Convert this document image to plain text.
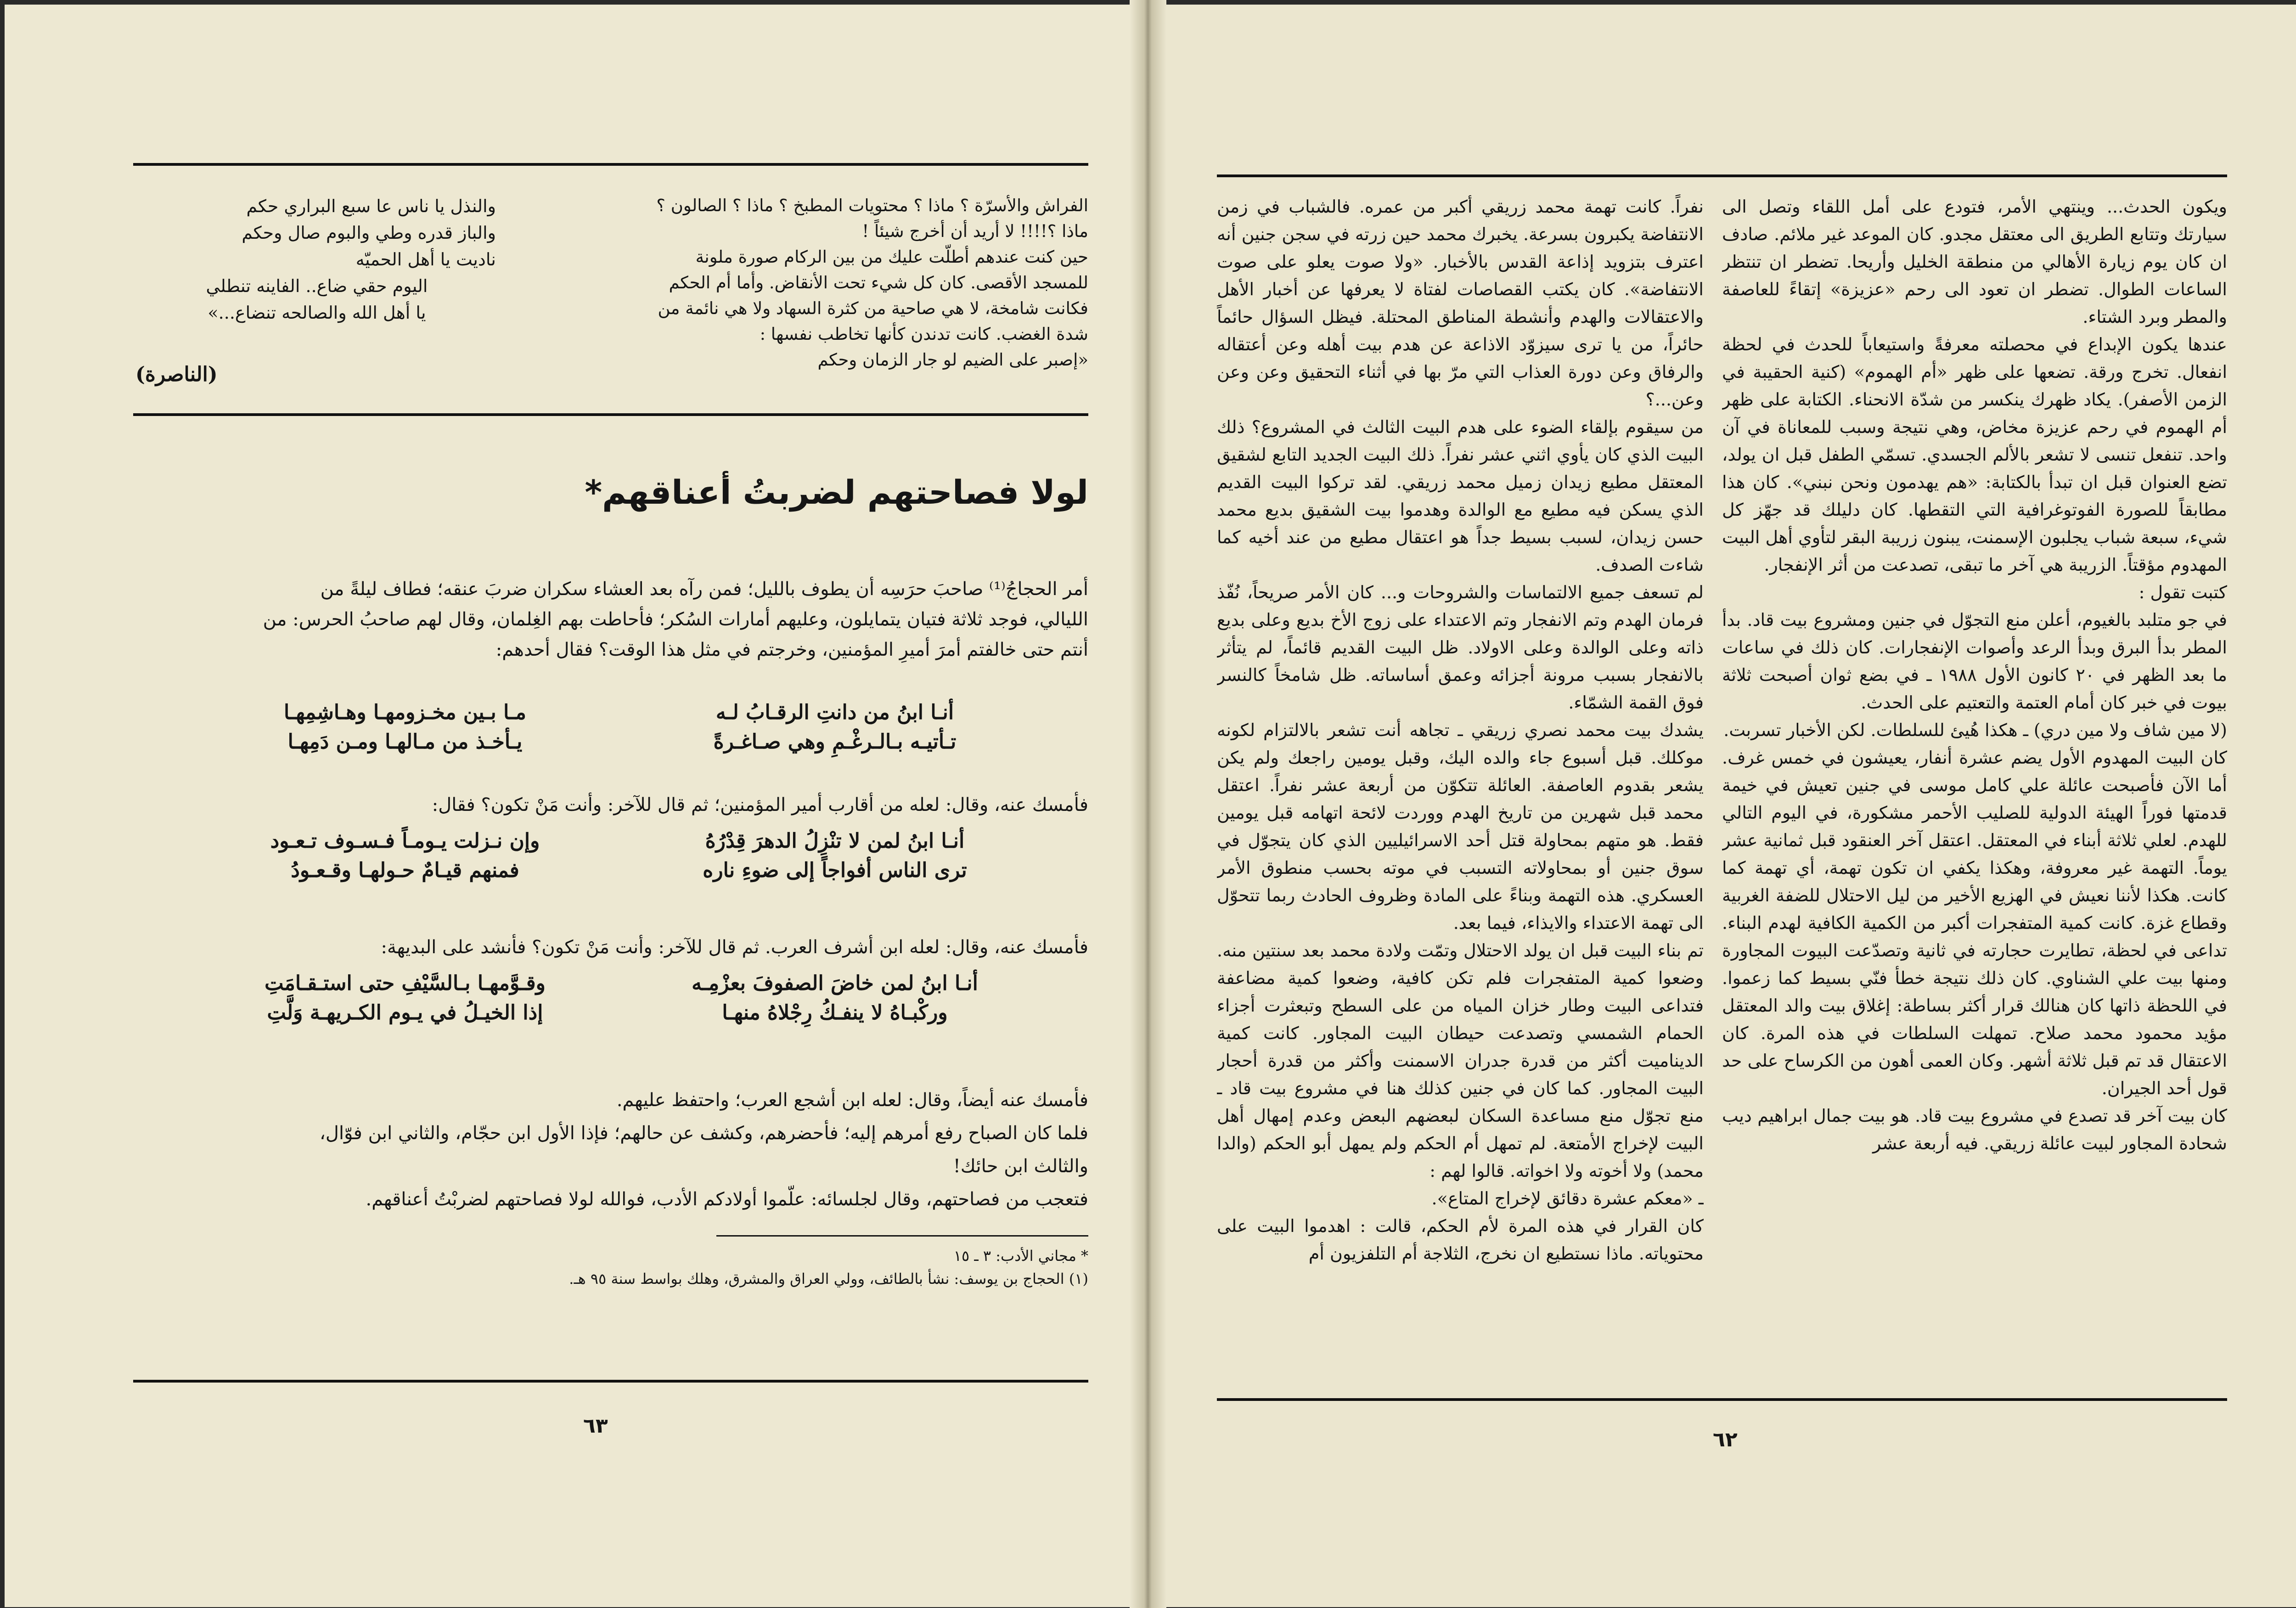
والنذل يا ناس عا سبع البراري حكم
والباز قدره وطي والبوم صال وحكم
ناديت يا أهل الحميّه
اليوم حقي ضاع.. الفاينه تنطلي
يا أهل الله والصالحه تنضاع...»
(الناصرة)
الفراش والأسرّة ؟ ماذا ؟ محتويات المطبخ ؟ ماذا ؟ الصالون ؟
ماذا ؟!!!! لا أريد أن أخرج شيئاً !
حين كنت عندهم أطلّت عليك من بين الركام صورة ملونة
للمسجد الأقصى. كان كل شيء تحت الأنقاض. وأما أم الحكم
فكانت شامخة، لا هي صاحية من كثرة السهاد ولا هي نائمة من
شدة الغضب. كانت تدندن كأنها تخاطب نفسها :
«إصبر على الضيم لو جار الزمان وحكم
لولا فصاحتهم لضربتُ أعناقهم*
أمر الحجاجُ⁽¹⁾ صاحبَ حرَسِه أن يطوف بالليل؛ فمن رآه بعد العشاء سكران ضربَ عنقه؛ فطاف ليلةً من
الليالي، فوجد ثلاثة فتيان يتمايلون، وعليهم أمارات السُكر؛ فأحاطت بهم الغِلمان، وقال لهم صاحبُ الحرس: من
أنتم حتى خالفتم أمرَ أميرِ المؤمنين، وخرجتم في مثل هذا الوقت؟ فقال أحدهم:
أنـا ابنُ من دانتِ الرقـابُ لـه
مـا بـين مخـزومهـا وهـاشِمِهـا
تـأتيـه بـالـرغْـمِ وهي صـاغـرةً
يـأخـذ من مـالهـا ومـن دَمِهـا
فأمسك عنه، وقال: لعله من أقارب أمير المؤمنين؛ ثم قال للآخر: وأنت مَنْ تكون؟ فقال:
أنـا ابنُ لمن لا تنْزِلُ الدهرَ قِدْرُهُ
وإن نـزلت يـومـاً فـسـوف تـعـود
ترى الناس أفواجاً إلى ضوءِ ناره
فمنهم قيـامٌ حـولهـا وقـعـودُ
فأمسك عنه، وقال: لعله ابن أشرف العرب. ثم قال للآخر: وأنت مَنْ تكون؟ فأنشد على البديهة:
أنـا ابنُ لمن خاضَ الصفوفَ بعزْمِـه
وقـوَّمهـا بـالسَّيْفِ حتى استـقـامَتِ
وركْبـاهُ لا ينفـكُ رِجْلاهُ منهـا
إذا الخيـلُ في يـوم الكـريهـة وَلَّتِ
فأمسك عنه أيضاً، وقال: لعله ابن أشجع العرب؛ واحتفظ عليهم.
فلما كان الصباح رفع أمرهم إليه؛ فأحضرهم، وكشف عن حالهم؛ فإذا الأول ابن حجّام، والثاني ابن فوّال،
والثالث ابن حائك!
فتعجب من فصاحتهم، وقال لجلسائه: علّموا أولادكم الأدب، فوالله لولا فصاحتهم لضربْتُ أعناقهم.
* مجاني الأدب: ٣ ـ ١٥
(١) الحجاج بن يوسف: نشأ بالطائف، وولي العراق والمشرق، وهلك بواسط سنة ٩٥ هـ.
٦٣

ويكون الحدث... وينتهي الأمر، فتودع على أمل اللقاء وتصل الى سيارتك وتتابع الطريق الى معتقل مجدو. كان الموعد غير ملائم. صادف ان كان يوم زيارة الأهالي من منطقة الخليل وأريحا. تضطر ان تنتظر الساعات الطوال. تضطر ان تعود الى رحم «عزيزة» إتقاءً للعاصفة والمطر وبرد الشتاء.

عندها يكون الإبداع في محصلته معرفةً واستيعاباً للحدث في لحظة انفعال. تخرج ورقة. تضعها على ظهر «أم الهموم» (كنية الحقيبة في الزمن الأصفر). يكاد ظهرك ينكسر من شدّة الانحناء. الكتابة على ظهر أم الهموم في رحم عزيزة مخاض، وهي نتيجة وسبب للمعاناة في آن واحد. تنفعل تنسى لا تشعر بالألم الجسدي. تسمّي الطفل قبل ان يولد، تضع العنوان قبل ان تبدأ بالكتابة: «هم يهدمون ونحن نبني». كان هذا مطابقاً للصورة الفوتوغرافية التي التقطها. كان دليلك قد جهّز كل شيء، سبعة شباب يجلبون الإسمنت، يبنون زريبة البقر لتأوي أهل البيت المهدوم مؤقتاً. الزريبة هي آخر ما تبقى، تصدعت من أثر الإنفجار.

كتبت تقول :

في جو متلبد بالغيوم، أعلن منع التجوّل في جنين ومشروع بيت قاد. بدأ المطر بدأ البرق وبدأ الرعد وأصوات الإنفجارات. كان ذلك في ساعات ما بعد الظهر في ٢٠ كانون الأول ١٩٨٨ ـ في بضع ثوان أصبحت ثلاثة بيوت في خبر كان أمام العتمة والتعتيم على الحدث.

(لا مين شاف ولا مين دري) ـ هكذا هُيئ للسلطات. لكن الأخبار تسربت.

كان البيت المهدوم الأول يضم عشرة أنفار، يعيشون في خمس غرف. أما الآن فأصبحت عائلة علي كامل موسى في جنين تعيش في خيمة قدمتها فوراً الهيئة الدولية للصليب الأحمر مشكورة، في اليوم التالي للهدم. لعلي ثلاثة أبناء في المعتقل. اعتقل آخر العنقود قبل ثمانية عشر يوماً. التهمة غير معروفة، وهكذا يكفي ان تكون تهمة، أي تهمة كما كانت. هكذا لأننا نعيش في الهزيع الأخير من ليل الاحتلال للضفة الغربية وقطاع غزة. كانت كمية المتفجرات أكبر من الكمية الكافية لهدم البناء. تداعى في لحظة، تطايرت حجارته في ثانية وتصدّعت البيوت المجاورة ومنها بيت علي الشناوي. كان ذلك نتيجة خطأ فنّي بسيط كما زعموا. في اللحظة ذاتها كان هنالك قرار أكثر بساطة: إغلاق بيت والد المعتقل مؤيد محمود محمد صلاح. تمهلت السلطات في هذه المرة. كان الاعتقال قد تم قبل ثلاثة أشهر. وكان العمى أهون من الكرساح على حد قول أحد الجيران.

كان بيت آخر قد تصدع في مشروع بيت قاد. هو بيت جمال ابراهيم ديب شحادة المجاور لبيت عائلة زريقي. فيه أربعة عشر

نفراً. كانت تهمة محمد زريقي أكبر من عمره. فالشباب في زمن الانتفاضة يكبرون بسرعة. يخبرك محمد حين زرته في سجن جنين أنه اعترف بتزويد إذاعة القدس بالأخبار. «ولا صوت يعلو على صوت الانتفاضة». كان يكتب القصاصات لفتاة لا يعرفها عن أخبار الأهل والاعتقالات والهدم وأنشطة المناطق المحتلة. فيظل السؤال حائماً حائراً، من يا ترى سيزوّد الاذاعة عن هدم بيت أهله وعن أعتقاله والرفاق وعن دورة العذاب التي مرّ بها في أثناء التحقيق وعن وعن وعن...؟

من سيقوم بإلقاء الضوء على هدم البيت الثالث في المشروع؟ ذلك البيت الذي كان يأوي اثني عشر نفراً. ذلك البيت الجديد التابع لشقيق المعتقل مطيع زيدان زميل محمد زريقي. لقد تركوا البيت القديم الذي يسكن فيه مطيع مع الوالدة وهدموا بيت الشقيق بديع محمد حسن زيدان، لسبب بسيط جداً هو اعتقال مطيع من عند أخيه كما شاءت الصدف.

لم تسعف جميع الالتماسات والشروحات و... كان الأمر صريحاً، نُفّذ فرمان الهدم وتم الانفجار وتم الاعتداء على زوج الأخ بديع وعلى بديع ذاته وعلى الوالدة وعلى الاولاد. ظل البيت القديم قائماً، لم يتأثر بالانفجار بسبب مرونة أجزائه وعمق أساساته. ظل شامخاً كالنسر فوق القمة الشمّاء.

يشدك بيت محمد نصري زريقي ـ تجاهه أنت تشعر بالالتزام لكونه موكلك. قبل أسبوع جاء والده اليك، وقبل يومين راجعك ولم يكن يشعر بقدوم العاصفة. العائلة تتكوّن من أربعة عشر نفراً. اعتقل محمد قبل شهرين من تاريخ الهدم ووردت لائحة اتهامه قبل يومين فقط. هو متهم بمحاولة قتل أحد الاسرائيليين الذي كان يتجوّل في سوق جنين أو بمحاولاته التسبب في موته بحسب منطوق الأمر العسكري. هذه التهمة وبناءً على المادة وظروف الحادث ربما تتحوّل الى تهمة الاعتداء والايذاء، فيما بعد.

تم بناء البيت قبل ان يولد الاحتلال وتمّت ولادة محمد بعد سنتين منه. وضعوا كمية المتفجرات فلم تكن كافية، وضعوا كمية مضاعفة فتداعى البيت وطار خزان المياه من على السطح وتبعثرت أجزاء الحمام الشمسي وتصدعت حيطان البيت المجاور. كانت كمية الديناميت أكثر من قدرة جدران الاسمنت وأكثر من قدرة أحجار البيت المجاور. كما كان في جنين كذلك هنا في مشروع بيت قاد ـ منع تجوّل منع مساعدة السكان لبعضهم البعض وعدم إمهال أهل البيت لإخراج الأمتعة. لم تمهل أم الحكم ولم يمهل أبو الحكم (والدا محمد) ولا أخوته ولا اخواته. قالوا لهم :

ـ «معكم عشرة دقائق لإخراج المتاع».

كان القرار في هذه المرة لأم الحكم، قالت : اهدموا البيت على محتوياته. ماذا نستطيع ان نخرج، الثلاجة أم التلفزيون أم

٦٢
